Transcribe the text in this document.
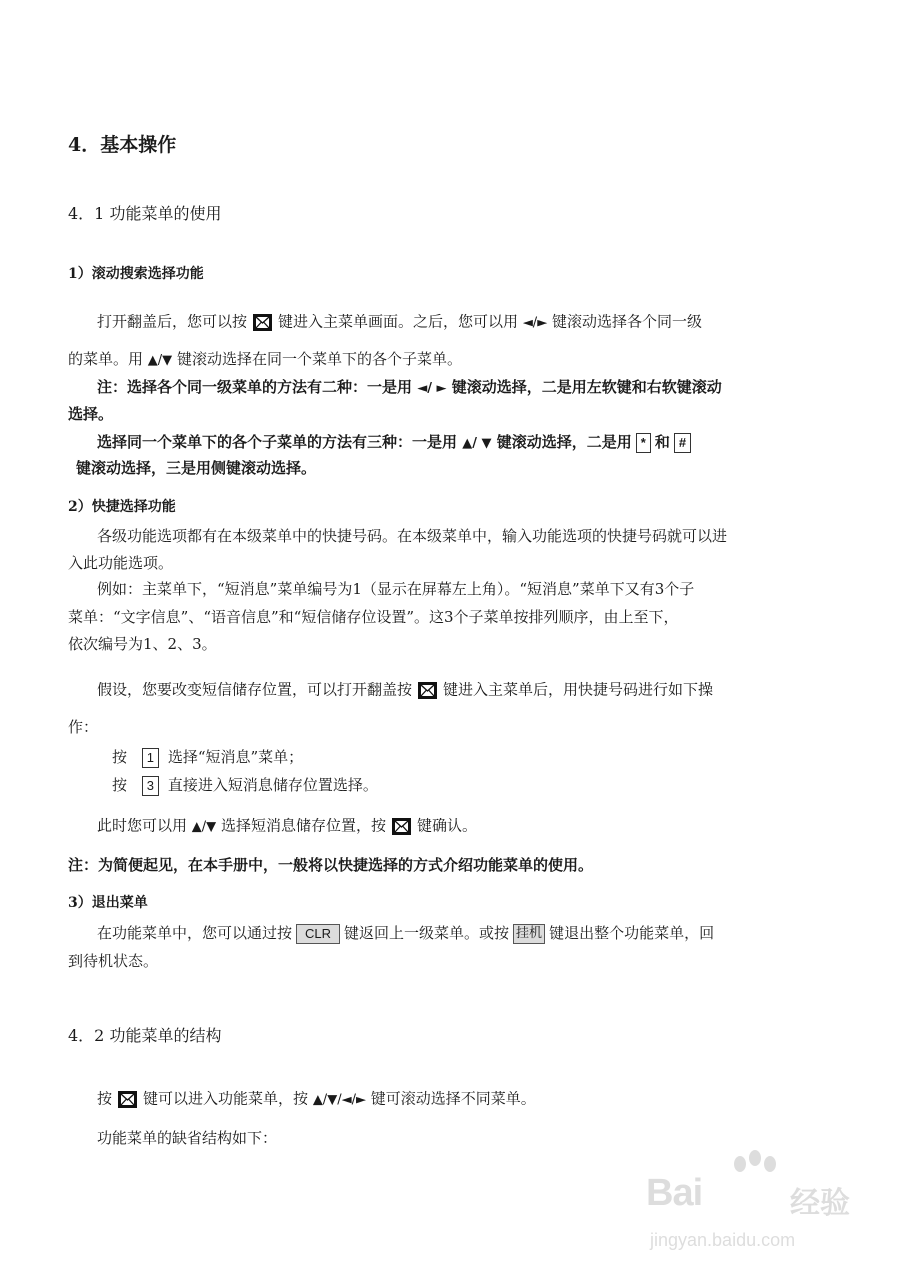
4．基本操作
4．1 功能菜单的使用
1）滚动搜索选择功能
打开翻盖后，您可以按 键进入主菜单画面。之后，您可以用 ◄/► 键滚动选择各个同一级
的菜单。用 ▲/▼ 键滚动选择在同一个菜单下的各个子菜单。
注：选择各个同一级菜单的方法有二种：一是用 ◄/ ► 键滚动选择，二是用左软键和右软键滚动
选择。
选择同一个菜单下的各个子菜单的方法有三种：一是用 ▲/ ▼ 键滚动选择，二是用 * 和 #
键滚动选择，三是用侧键滚动选择。
2）快捷选择功能
各级功能选项都有在本级菜单中的快捷号码。在本级菜单中，输入功能选项的快捷号码就可以进
入此功能选项。
例如：主菜单下，“短消息”菜单编号为1（显示在屏幕左上角）。“短消息”菜单下又有3个子
菜单：“文字信息”、“语音信息”和“短信储存位设置”。这3个子菜单按排列顺序，由上至下，
依次编号为1、2、3。
假设，您要改变短信储存位置，可以打开翻盖按 键进入主菜单后，用快捷号码进行如下操
作：
按 1 选择“短消息”菜单；
按 3 直接进入短消息储存位置选择。
此时您可以用 ▲/▼ 选择短消息储存位置，按 键确认。
注：为简便起见，在本手册中，一般将以快捷选择的方式介绍功能菜单的使用。
3）退出菜单
在功能菜单中，您可以通过按 CLR 键返回上一级菜单。或按 挂机 键退出整个功能菜单，回
到待机状态。
4．2 功能菜单的结构
按 键可以进入功能菜单，按 ▲/▼/◄/► 键可滚动选择不同菜单。
功能菜单的缺省结构如下：
Bai	经验
jingyan.baidu.com
